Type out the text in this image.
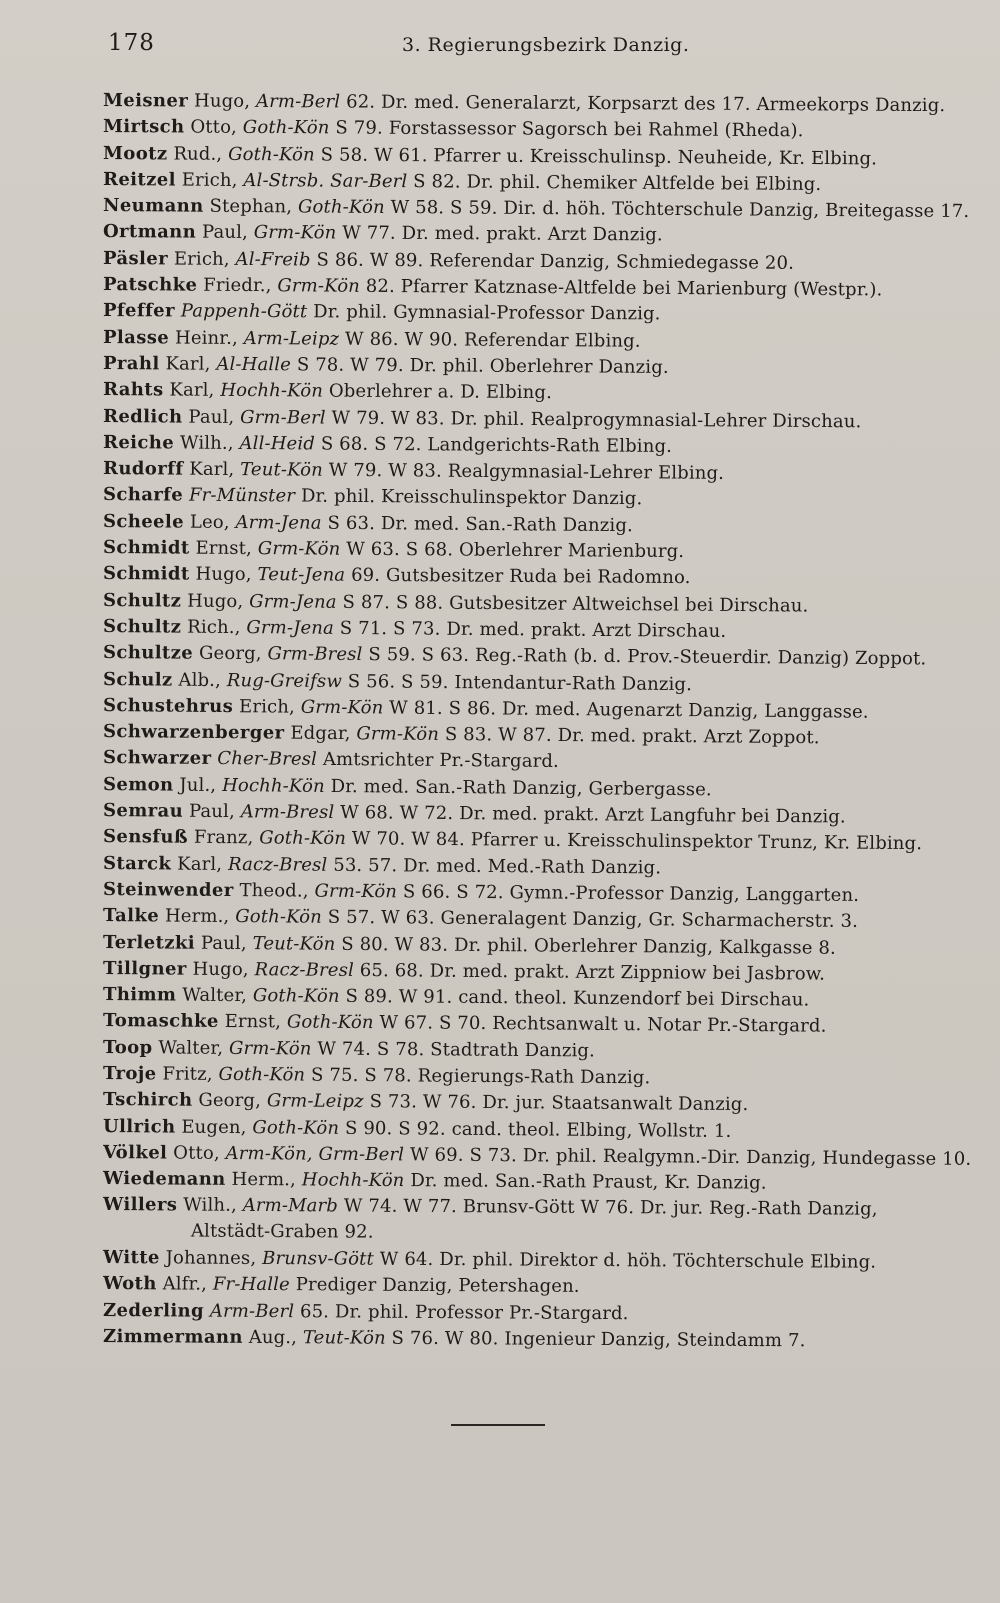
178	3. Regierungsbezirk Danzig.
Meisner Hugo, Arm-Berl 62. Dr. med. Generalarzt, Korpsarzt des 17. Armeekorps Danzig.
Mirtsch Otto, Goth-Kön S 79. Forstassessor Sagorsch bei Rahmel (Rheda).
Mootz Rud., Goth-Kön S 58. W 61. Pfarrer u. Kreisschulinsp. Neuheide, Kr. Elbing.
Reitzel Erich, Al-Strsb. Sar-Berl S 82. Dr. phil. Chemiker Altfelde bei Elbing.
Neumann Stephan, Goth-Kön W 58. S 59. Dir. d. höh. Töchterschule Danzig, Breitegasse 17.
Ortmann Paul, Grm-Kön W 77. Dr. med. prakt. Arzt Danzig.
Päsler Erich, Al-Freib S 86. W 89. Referendar Danzig, Schmiedegasse 20.
Patschke Friedr., Grm-Kön 82. Pfarrer Katznase-Altfelde bei Marienburg (Westpr.).
Pfeffer Pappenh-Gött Dr. phil. Gymnasial-Professor Danzig.
Plasse Heinr., Arm-Leipz W 86. W 90. Referendar Elbing.
Prahl Karl, Al-Halle S 78. W 79. Dr. phil. Oberlehrer Danzig.
Rahts Karl, Hochh-Kön Oberlehrer a. D. Elbing.
Redlich Paul, Grm-Berl W 79. W 83. Dr. phil. Realprogymnasial-Lehrer Dirschau.
Reiche Wilh., All-Heid S 68. S 72. Landgerichts-Rath Elbing.
Rudorff Karl, Teut-Kön W 79. W 83. Realgymnasial-Lehrer Elbing.
Scharfe Fr-Münster Dr. phil. Kreisschulinspektor Danzig.
Scheele Leo, Arm-Jena S 63. Dr. med. San.-Rath Danzig.
Schmidt Ernst, Grm-Kön W 63. S 68. Oberlehrer Marienburg.
Schmidt Hugo, Teut-Jena 69. Gutsbesitzer Ruda bei Radomno.
Schultz Hugo, Grm-Jena S 87. S 88. Gutsbesitzer Altweichsel bei Dirschau.
Schultz Rich., Grm-Jena S 71. S 73. Dr. med. prakt. Arzt Dirschau.
Schultze Georg, Grm-Bresl S 59. S 63. Reg.-Rath (b. d. Prov.-Steuerdir. Danzig) Zoppot.
Schulz Alb., Rug-Greifsw S 56. S 59. Intendantur-Rath Danzig.
Schustehrus Erich, Grm-Kön W 81. S 86. Dr. med. Augenarzt Danzig, Langgasse.
Schwarzenberger Edgar, Grm-Kön S 83. W 87. Dr. med. prakt. Arzt Zoppot.
Schwarzer Cher-Bresl Amtsrichter Pr.-Stargard.
Semon Jul., Hochh-Kön Dr. med. San.-Rath Danzig, Gerbergasse.
Semrau Paul, Arm-Bresl W 68. W 72. Dr. med. prakt. Arzt Langfuhr bei Danzig.
Sensfuß Franz, Goth-Kön W 70. W 84. Pfarrer u. Kreisschulinspektor Trunz, Kr. Elbing.
Starck Karl, Racz-Bresl 53. 57. Dr. med. Med.-Rath Danzig.
Steinwender Theod., Grm-Kön S 66. S 72. Gymn.-Professor Danzig, Langgarten.
Talke Herm., Goth-Kön S 57. W 63. Generalagent Danzig, Gr. Scharmacherstr. 3.
Terletzki Paul, Teut-Kön S 80. W 83. Dr. phil. Oberlehrer Danzig, Kalkgasse 8.
Tillgner Hugo, Racz-Bresl 65. 68. Dr. med. prakt. Arzt Zippniow bei Jasbrow.
Thimm Walter, Goth-Kön S 89. W 91. cand. theol. Kunzendorf bei Dirschau.
Tomaschke Ernst, Goth-Kön W 67. S 70. Rechtsanwalt u. Notar Pr.-Stargard.
Toop Walter, Grm-Kön W 74. S 78. Stadtrath Danzig.
Troje Fritz, Goth-Kön S 75. S 78. Regierungs-Rath Danzig.
Tschirch Georg, Grm-Leipz S 73. W 76. Dr. jur. Staatsanwalt Danzig.
Ullrich Eugen, Goth-Kön S 90. S 92. cand. theol. Elbing, Wollstr. 1.
Völkel Otto, Arm-Kön, Grm-Berl W 69. S 73. Dr. phil. Realgymn.-Dir. Danzig, Hundegasse 10.
Wiedemann Herm., Hochh-Kön Dr. med. San.-Rath Praust, Kr. Danzig.
Willers Wilh., Arm-Marb W 74. W 77. Brunsv-Gött W 76. Dr. jur. Reg.-Rath Danzig,
Altstädt-Graben 92.
Witte Johannes, Brunsv-Gött W 64. Dr. phil. Direktor d. höh. Töchterschule Elbing.
Woth Alfr., Fr-Halle Prediger Danzig, Petershagen.
Zederling Arm-Berl 65. Dr. phil. Professor Pr.-Stargard.
Zimmermann Aug., Teut-Kön S 76. W 80. Ingenieur Danzig, Steindamm 7.
